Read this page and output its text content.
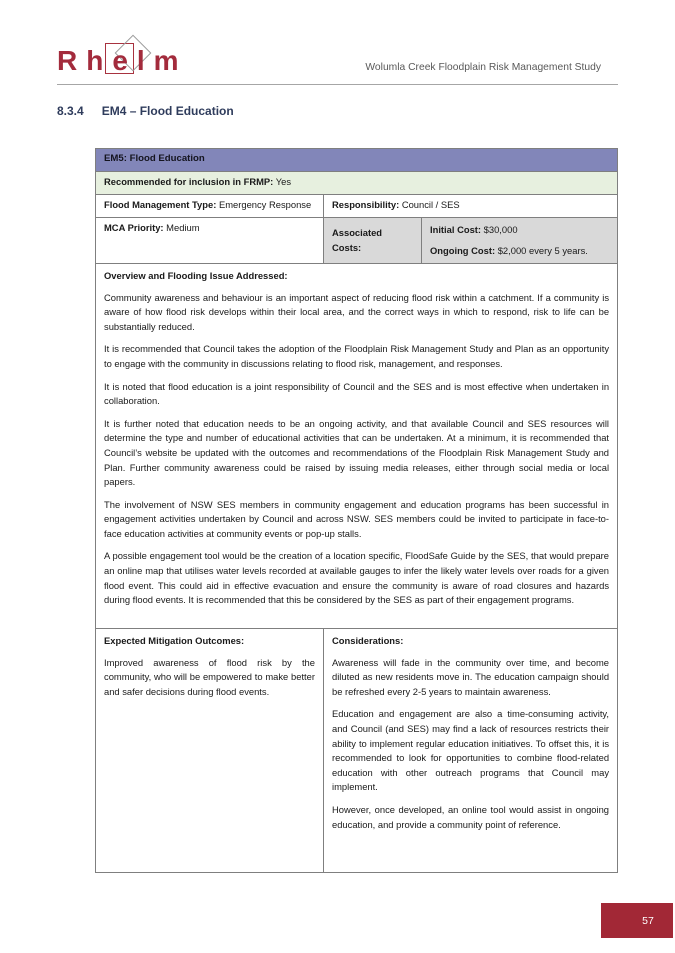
Rhelm	Wolumla Creek Floodplain Risk Management Study
8.3.4 EM4 – Flood Education
EM5: Flood Education		
Recommended for inclusion in FRMP: Yes		
Flood Management Type: Emergency Response	Responsibility: Council / SES	
MCA Priority: Medium	Associated Costs:	Initial Cost: $30,000
Ongoing Cost: $2,000 every 5 years.

Overview and Flooding Issue Addressed:

Community awareness and behaviour is an important aspect of reducing flood risk within a catchment. If a community is aware of how flood risk develops within their local area, and the correct ways in which to respond, risk to life can be substantially reduced.

It is recommended that Council takes the adoption of the Floodplain Risk Management Study and Plan as an opportunity to engage with the community in discussions relating to flood risk, management, and responses.

It is noted that flood education is a joint responsibility of Council and the SES and is most effective when undertaken in collaboration.

It is further noted that education needs to be an ongoing activity, and that available Council and SES resources will determine the type and number of educational activities that can be undertaken. At a minimum, it is recommended that Council’s website be updated with the outcomes and recommendations of the Floodplain Risk Management Study and Plan. Further community awareness could be raised by issuing media releases, either through social media or local papers.

The involvement of NSW SES members in community engagement and education programs has been successful in engagement activities undertaken by Council and across NSW. SES members could be invited to participate in face-to-face education activities at community events or pop-up stalls.

A possible engagement tool would be the creation of a location specific, FloodSafe Guide by the SES, that would prepare an online map that utilises water levels recorded at available gauges to infer the likely water levels over roads for a given flood event. This could aid in effective evacuation and ensure the community is aware of road closures and hazards during flood events. It is recommended that this be considered by the SES as part of their engagement programs.

Expected Mitigation Outcomes:

Improved awareness of flood risk by the community, who will be empowered to make better and safer decisions during flood events.

Considerations:

Awareness will fade in the community over time, and become diluted as new residents move in. The education campaign should be refreshed every 2-5 years to maintain awareness.

Education and engagement are also a time-consuming activity, and Council (and SES) may find a lack of resources restricts their ability to implement regular education initiatives. To offset this, it is recommended to look for opportunities to combine flood-related education with other outreach programs that Council may implement.

However, once developed, an online tool would assist in ongoing education, and provide a community point of reference.

57
